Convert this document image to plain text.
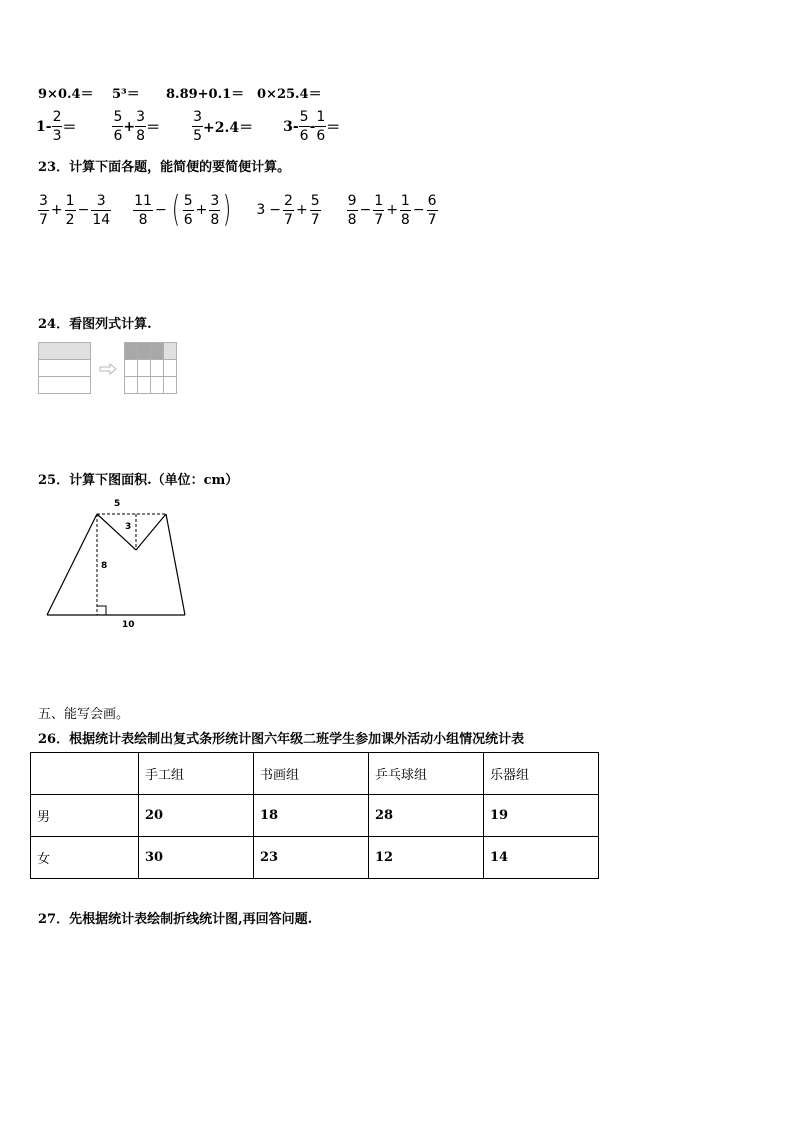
9×0.4＝ 5³＝ 8.89+0.1＝ 0×25.4＝
$1- \frac{2}{3}$ ＝	$\frac{5}{6} + \frac{3}{8} = \frac{3}{5} +2.4= 3- \frac{5}{6} - \frac{1}{6}$ ＝
23．计算下面各题，能简便的要简便计算。
$\frac{3}{7} + \frac{1}{2} - \frac{3}{14} \frac{11}{8}$ − ( $\frac{5}{6} + \frac{3}{8}$ ) $3 - \frac{2}{7} + \frac{5}{7} \frac{9}{8} - \frac{1}{7} + \frac{1}{8} - \frac{6}{7}$
24．看图列式计算.
25．计算下图面积.（单位：cm）
5
3
8
10
五、能写会画。
26．根据统计表绘制出复式条形统计图六年级二班学生参加课外活动小组情况统计表
	手工组	书画组	乒乓球组	乐器组
男	20	18	28	19
女	30	23	12	14
27．先根据统计表绘制折线统计图,再回答问题.
